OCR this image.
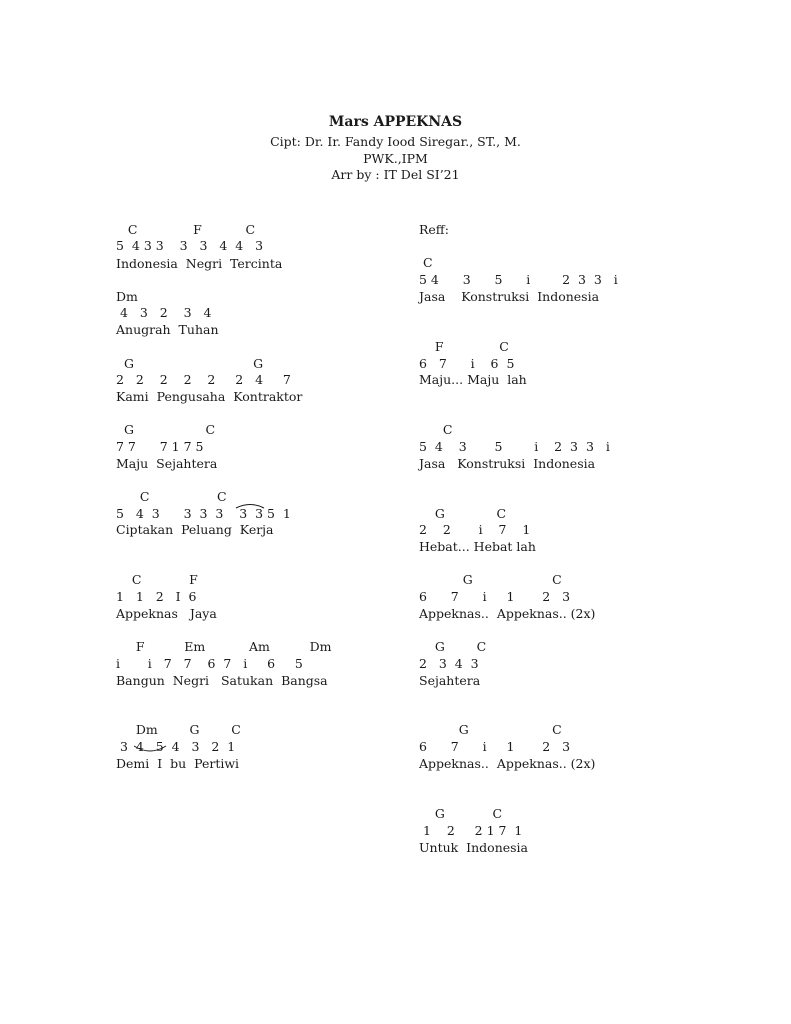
Mars APPEKNAS
Cipt: Dr. Ir. Fandy Iood Siregar., ST., M.
PWK.,IPM
Arr by : IT Del SI’21
C              F           C
5  4 3 3    3   3   4  4   3
Indonesia  Negri  Tercinta
Dm
4   3   2    3   4
Anugrah  Tuhan
G                              G
2   2    2    2    2     2   4     7
Kami  Pengusaha  Kontraktor
G                  C
7 7      7 1 7 5
Maju  Sejahtera
C                 C
5   4  3      3  3  3    3  3 5  1
Ciptakan  Peluang  Kerja
C            F
1   1   2   I  6
Appeknas   Jaya
F          Em           Am          Dm
i       i   7   7    6  7   i     6     5
Bangun  Negri   Satukan  Bangsa
Dm        G        C
3  4   5  4   3   2  1
Demi  I  bu  Pertiwi
Reff:
C
5 4      3      5      i        2  3  3   i
Jasa    Konstruksi  Indonesia
F              C
6   7      i    6  5
Maju... Maju  lah
C
5  4    3       5        i    2  3  3   i
Jasa   Konstruksi  Indonesia
G             C
2    2       i    7    1
Hebat... Hebat lah
G                    C
6      7      i     1       2   3
Appeknas..  Appeknas.. (2x)
G        C
2   3  4  3
Sejahtera
G                     C
6      7      i     1       2   3
Appeknas..  Appeknas.. (2x)
G            C
1    2     2 1 7  1
Untuk  Indonesia
